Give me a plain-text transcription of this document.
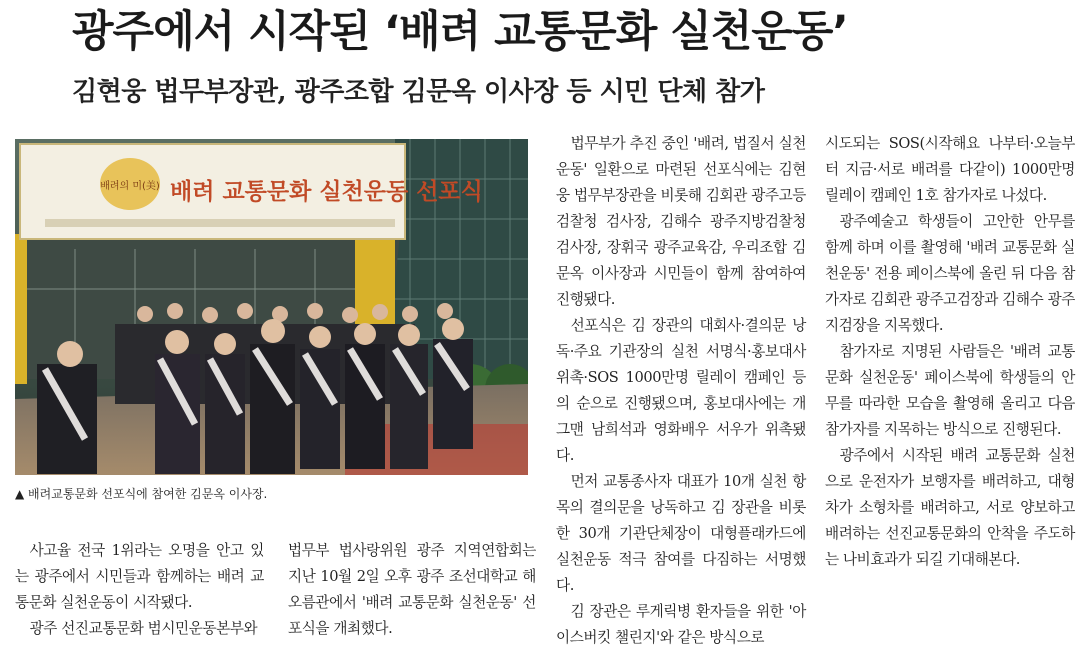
광주에서 시작된 ‘배려 교통문화 실천운동’
김현웅 법무부장관, 광주조합 김문옥 이사장 등 시민 단체 참가
배려의 미(美) 배려 교통문화 실천운동 선포식
▲ 배려교통문화 선포식에 참여한 김문옥 이사장.

사고율 전국 1위라는 오명을 안고 있는 광주에서 시민들과 함께하는 배려 교통문화 실천운동이 시작됐다.

광주 선진교통문화 범시민운동본부와

법무부 법사랑위원 광주 지역연합회는 지난 10월 2일 오후 광주 조선대학교 해오름관에서 '배려 교통문화 실천운동' 선포식을 개최했다.

법무부가 추진 중인 '배려, 법질서 실천운동' 일환으로 마련된 선포식에는 김현웅 법무부장관을 비롯해 김회관 광주고등검찰청 검사장, 김해수 광주지방검찰청 검사장, 장휘국 광주교육감, 우리조합 김문옥 이사장과 시민들이 함께 참여하여 진행됐다.

선포식은 김 장관의 대회사·결의문 낭독·주요 기관장의 실천 서명식·홍보대사 위촉·SOS 1000만명 릴레이 캠페인 등의 순으로 진행됐으며, 홍보대사에는 개그맨 남희석과 영화배우 서우가 위촉됐다.

먼저 교통종사자 대표가 10개 실천 항목의 결의문을 낭독하고 김 장관을 비롯한 30개 기관단체장이 대형플래카드에 실천운동 적극 참여를 다짐하는 서명했다.

김 장관은 루게릭병 환자들을 위한 '아이스버킷 챌린지'와 같은 방식으로

시도되는 SOS(시작해요 나부터·오늘부터 지금·서로 배려를 다같이) 1000만명 릴레이 캠페인 1호 참가자로 나섰다.

광주예술고 학생들이 고안한 안무를 함께 하며 이를 촬영해 '배려 교통문화 실천운동' 전용 페이스북에 올린 뒤 다음 참가자로 김회관 광주고검장과 김해수 광주지검장을 지목했다.

참가자로 지명된 사람들은 '배려 교통문화 실천운동' 페이스북에 학생들의 안무를 따라한 모습을 촬영해 올리고 다음 참가자를 지목하는 방식으로 진행된다.

광주에서 시작된 배려 교통문화 실천으로 운전자가 보행자를 배려하고, 대형차가 소형차를 배려하고, 서로 양보하고 배려하는 선진교통문화의 안착을 주도하는 나비효과가 되길 기대해본다.
